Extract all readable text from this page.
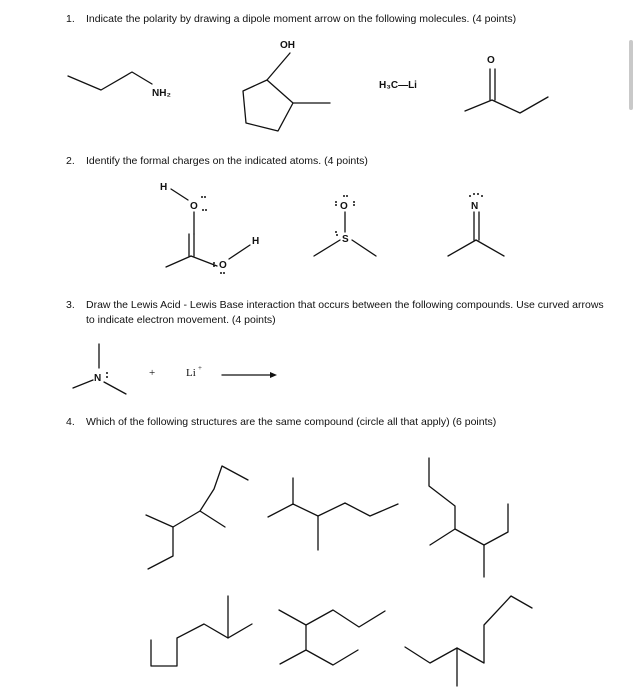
1. Indicate the polarity by drawing a dipole moment arrow on the following molecules. (4 points)
2. Identify the formal charges on the indicated atoms. (4 points)
3. Draw the Lewis Acid - Lewis Base interaction that occurs between the following compounds. Use curved arrows to indicate electron movement. (4 points)
4. Which of the following structures are the same compound (circle all that apply) (6 points)
NH₂
OH
H₃C—Li
O
H
O
O
H
O
S
N
N	+	Li +
